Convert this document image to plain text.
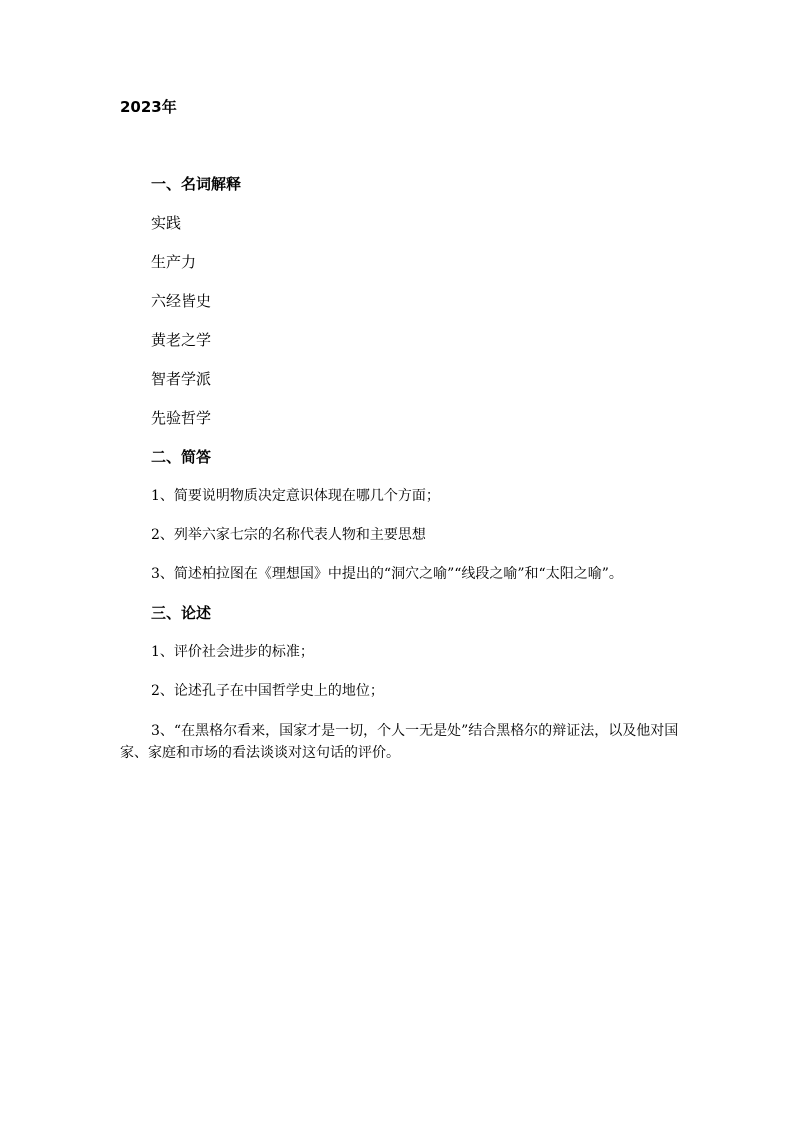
2023年
一、名词解释
实践
生产力
六经皆史
黄老之学
智者学派
先验哲学
二、简答
1、简要说明物质决定意识体现在哪几个方面；
2、列举六家七宗的名称代表人物和主要思想
3、简述柏拉图在《理想国》中提出的“洞穴之喻”“线段之喻”和“太阳之喻”。
三、论述
1、评价社会进步的标准；
2、论述孔子在中国哲学史上的地位；
3、“在黑格尔看来，国家才是一切，个人一无是处”结合黑格尔的辩证法，以及他对国家、家庭和市场的看法谈谈对这句话的评价。
